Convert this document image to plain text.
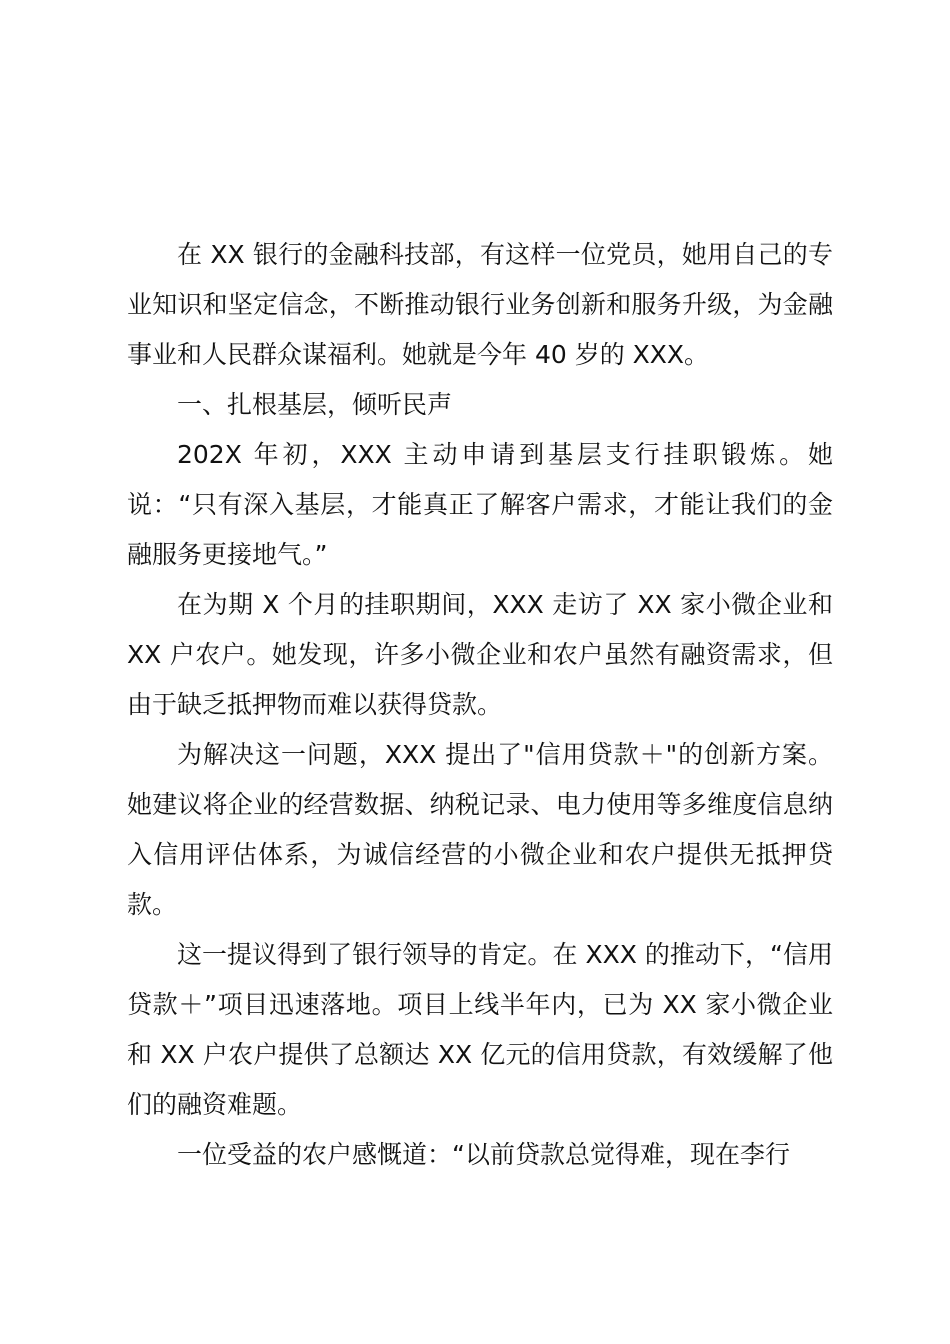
在 XX 银行的金融科技部，有这样一位党员，她用自己的专业知识和坚定信念，不断推动银行业务创新和服务升级，为金融事业和人民群众谋福利。她就是今年 40 岁的 XXX。

一、扎根基层，倾听民声

202X 年初，XXX 主动申请到基层支行挂职锻炼。她说：“只有深入基层，才能真正了解客户需求，才能让我们的金融服务更接地气。”

在为期 X 个月的挂职期间，XXX 走访了 XX 家小微企业和 XX 户农户。她发现，许多小微企业和农户虽然有融资需求，但由于缺乏抵押物而难以获得贷款。

为解决这一问题，XXX 提出了"信用贷款＋"的创新方案。她建议将企业的经营数据、纳税记录、电力使用等多维度信息纳入信用评估体系，为诚信经营的小微企业和农户提供无抵押贷款。

这一提议得到了银行领导的肯定。在 XXX 的推动下，“信用贷款＋”项目迅速落地。项目上线半年内，已为 XX 家小微企业和 XX 户农户提供了总额达 XX 亿元的信用贷款，有效缓解了他们的融资难题。

一位受益的农户感慨道：“以前贷款总觉得难，现在李行
